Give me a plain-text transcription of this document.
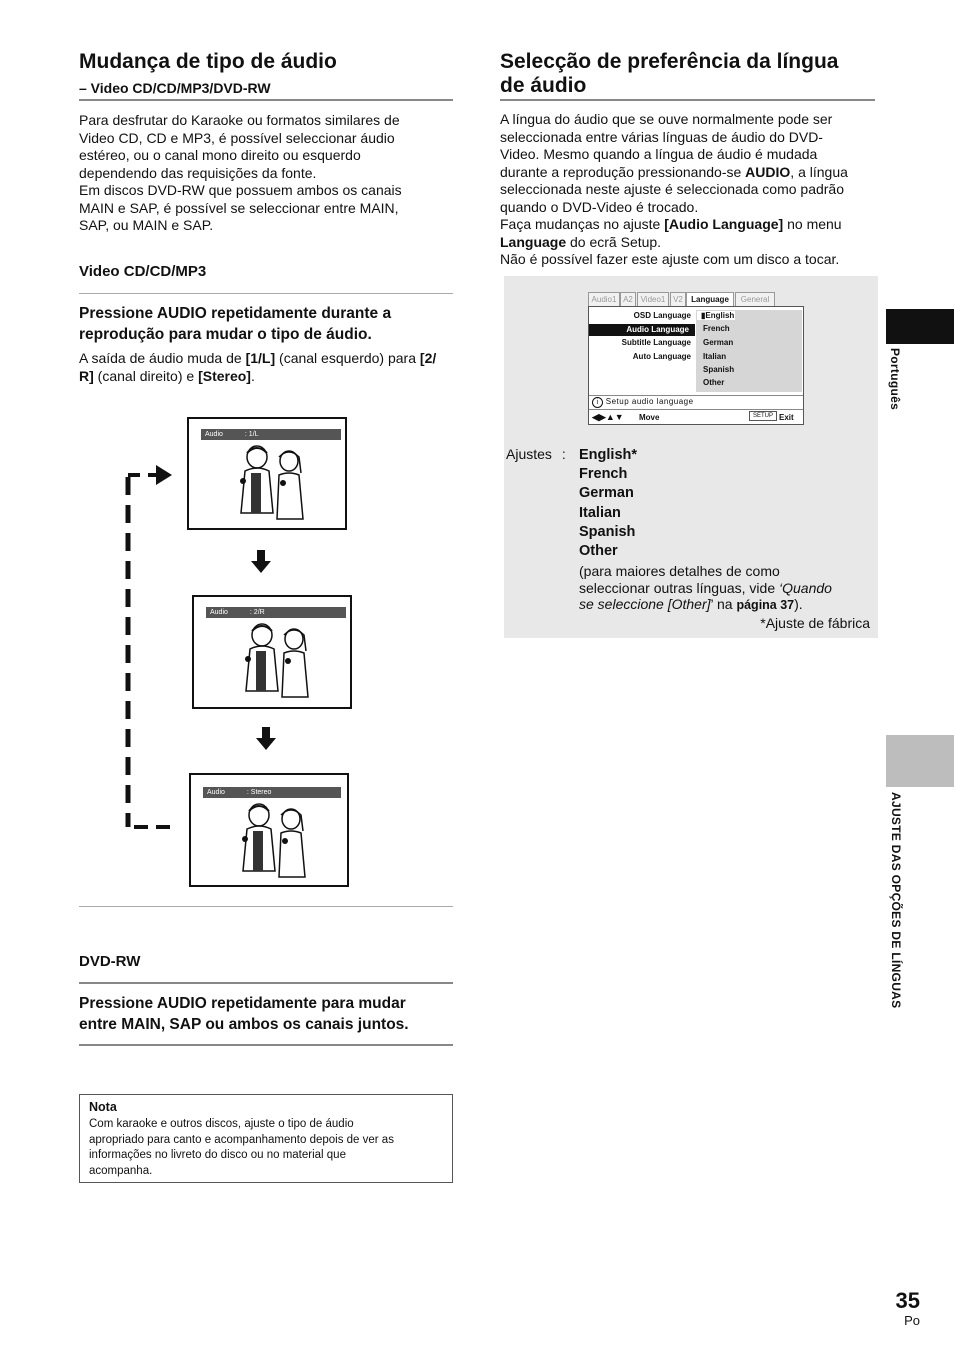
Mudança de tipo de áudio
– Video CD/CD/MP3/DVD-RW
Para desfrutar do Karaoke ou formatos similares de
Video CD, CD e MP3, é possível seleccionar áudio
estéreo, ou o canal mono direito ou esquerdo
dependendo das requisições da fonte.
Em discos DVD-RW que possuem ambos os canais
MAIN e SAP, é possível se seleccionar entre MAIN,
SAP, ou MAIN e SAP.
Video CD/CD/MP3
Pressione AUDIO repetidamente durante a
reprodução para mudar o tipo de áudio.
A saída de áudio muda de [1/L] (canal esquerdo) para [2/
R] (canal direito) e [Stereo].
Audio	: 1/L
Audio	: 2/R
Audio	: Stereo
DVD-RW
Pressione AUDIO repetidamente para mudar
entre MAIN, SAP ou ambos os canais juntos.
Nota
Com karaoke e outros discos, ajuste o tipo de áudio
apropriado para canto e acompanhamento depois de ver as
informações no livreto do disco ou no material que
acompanha.
Selecção de preferência da língua
de áudio
A língua do áudio que se ouve normalmente pode ser
seleccionada entre várias línguas de áudio do DVD-
Video. Mesmo quando a língua de áudio é mudada
durante a reprodução pressionando-se AUDIO, a língua
seleccionada neste ajuste é seleccionada como padrão
quando o DVD-Video é trocado.
Faça mudanças no ajuste [Audio Language] no menu
Language do ecrã Setup.
Não é possível fazer este ajuste com um disco a tocar.
Audio1 A2 Video1 V2	Language	General
OSD Language
Audio Language
Subtitle Language
Auto Language
▮English
French
German
Italian
Spanish
Other
i Setup audio language
◀▶▲▼ Move	SETUP Exit
Ajustes : English*
French
German
Italian
Spanish
Other
(para maiores detalhes de como
seleccionar outras línguas, vide ‘Quando
se seleccione [Other]’ na página 37).
*Ajuste de fábrica
Português
AJUSTE DAS OPÇÕES DE LÍNGUAS
35
Po
